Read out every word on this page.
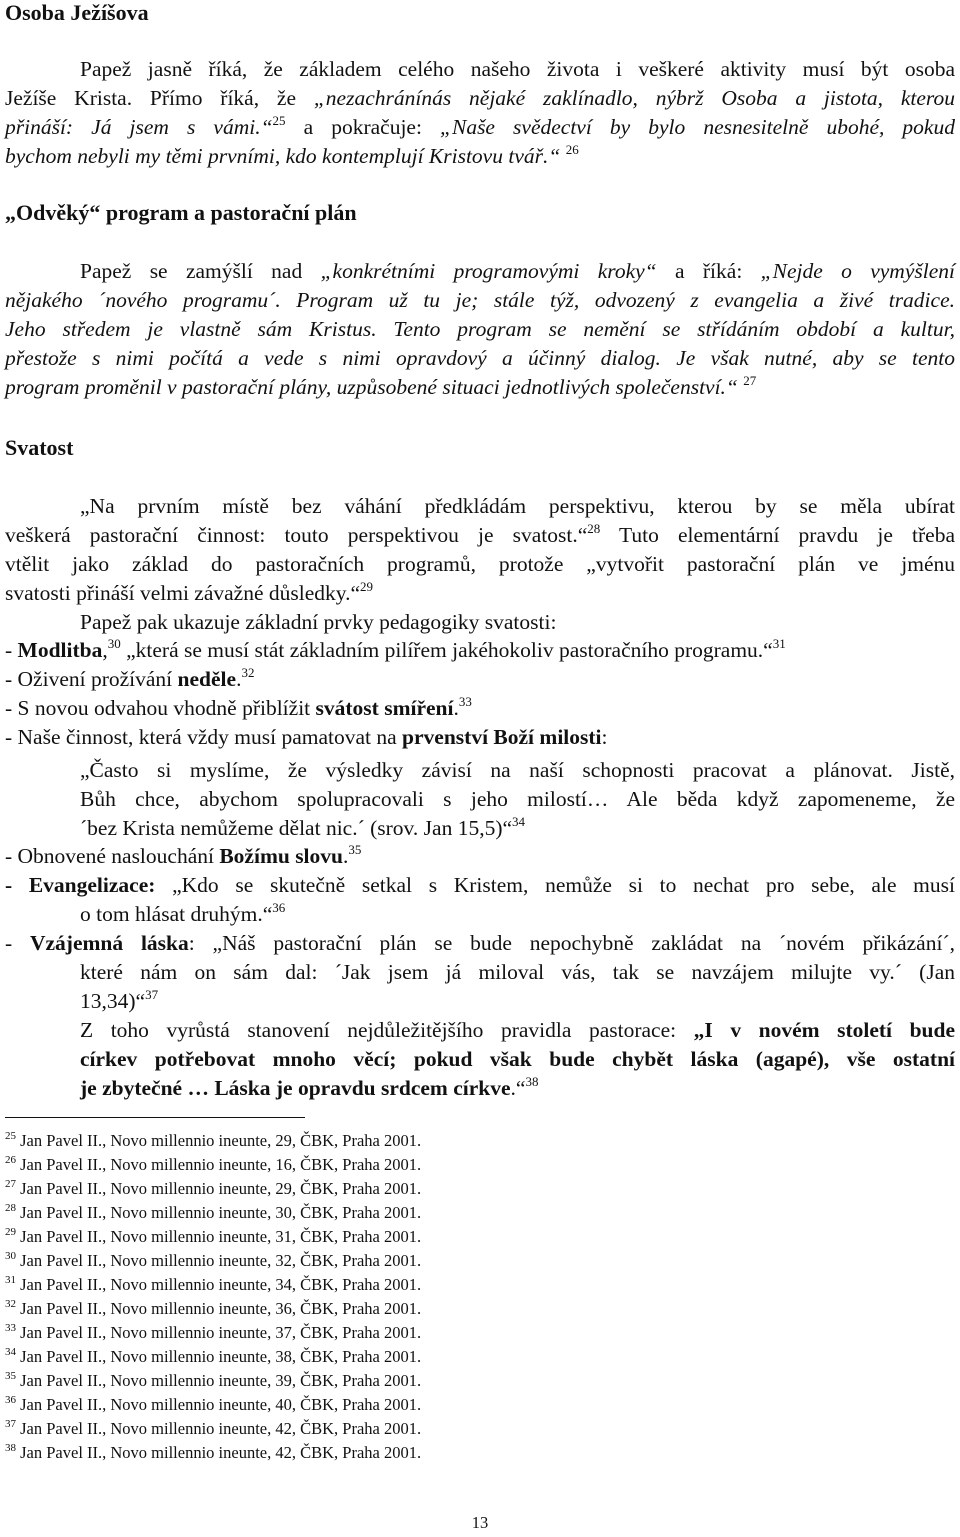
Osoba Ježíšova
Papež jasně říká, že základem celého našeho života i veškeré aktivity musí být osoba
Ježíše Krista. Přímo říká, že „nezachránínás nějaké zaklínadlo, nýbrž Osoba a jistota, kterou
přináší: Já jsem s vámi.“$^{25}$ a pokračuje: „Naše svědectví by bylo nesnesitelně ubohé, pokud
bychom nebyli my těmi prvními, kdo kontemplují Kristovu tvář.“ $^{26}$
„Odvěký“ program a pastorační plán
Papež se zamýšlí nad „konkrétními programovými kroky“ a říká: „Nejde o vymýšlení
nějakého ´nového programu´. Program už tu je; stále týž, odvozený z evangelia a živé tradice.
Jeho středem je vlastně sám Kristus. Tento program se nemění se střídáním období a kultur,
přestože s nimi počítá a vede s nimi opravdový a účinný dialog. Je však nutné, aby se tento
program proměnil v pastorační plány, uzpůsobené situaci jednotlivých společenství.“ $^{27}$
Svatost
„Na prvním místě bez váhání předkládám perspektivu, kterou by se měla ubírat
veškerá pastorační činnost: touto perspektivou je svatost.“$^{28}$ Tuto elementární pravdu je třeba
vtělit jako základ do pastoračních programů, protože „vytvořit pastorační plán ve jménu
svatosti přináší velmi závažné důsledky.“$^{29}$
Papež pak ukazuje základní prvky pedagogiky svatosti:
- Modlitba,$^{30}$ „která se musí stát základním pilířem jakéhokoliv pastoračního programu.“$^{31}$
- Oživení prožívání neděle.$^{32}$
- S novou odvahou vhodně přiblížit svátost smíření.$^{33}$
- Naše činnost, která vždy musí pamatovat na prvenství Boží milosti:
„Často si myslíme, že výsledky závisí na naší schopnosti pracovat a plánovat. Jistě,
Bůh chce, abychom spolupracovali s jeho milostí… Ale běda když zapomeneme, že
´bez Krista nemůžeme dělat nic.´ (srov. Jan 15,5)“$^{34}$
- Obnovené naslouchání Božímu slovu.$^{35}$
- Evangelizace: „Kdo se skutečně setkal s Kristem, nemůže si to nechat pro sebe, ale musí
o tom hlásat druhým.“$^{36}$
- Vzájemná láska: „Náš pastorační plán se bude nepochybně zakládat na ´novém přikázání´,
které nám on sám dal: ´Jak jsem já miloval vás, tak se navzájem milujte vy.´ (Jan
13,34)“$^{37}$
Z toho vyrůstá stanovení nejdůležitějšího pravidla pastorace: „I v novém století bude
církev potřebovat mnoho věcí; pokud však bude chybět láska (agapé), vše ostatní
je zbytečné … Láska je opravdu srdcem církve.“$^{38}$
$^{25}$ Jan Pavel II., Novo millennio ineunte, 29, ČBK, Praha 2001.
$^{26}$ Jan Pavel II., Novo millennio ineunte, 16, ČBK, Praha 2001.
$^{27}$ Jan Pavel II., Novo millennio ineunte, 29, ČBK, Praha 2001.
$^{28}$ Jan Pavel II., Novo millennio ineunte, 30, ČBK, Praha 2001.
$^{29}$ Jan Pavel II., Novo millennio ineunte, 31, ČBK, Praha 2001.
$^{30}$ Jan Pavel II., Novo millennio ineunte, 32, ČBK, Praha 2001.
$^{31}$ Jan Pavel II., Novo millennio ineunte, 34, ČBK, Praha 2001.
$^{32}$ Jan Pavel II., Novo millennio ineunte, 36, ČBK, Praha 2001.
$^{33}$ Jan Pavel II., Novo millennio ineunte, 37, ČBK, Praha 2001.
$^{34}$ Jan Pavel II., Novo millennio ineunte, 38, ČBK, Praha 2001.
$^{35}$ Jan Pavel II., Novo millennio ineunte, 39, ČBK, Praha 2001.
$^{36}$ Jan Pavel II., Novo millennio ineunte, 40, ČBK, Praha 2001.
$^{37}$ Jan Pavel II., Novo millennio ineunte, 42, ČBK, Praha 2001.
$^{38}$ Jan Pavel II., Novo millennio ineunte, 42, ČBK, Praha 2001.
13
